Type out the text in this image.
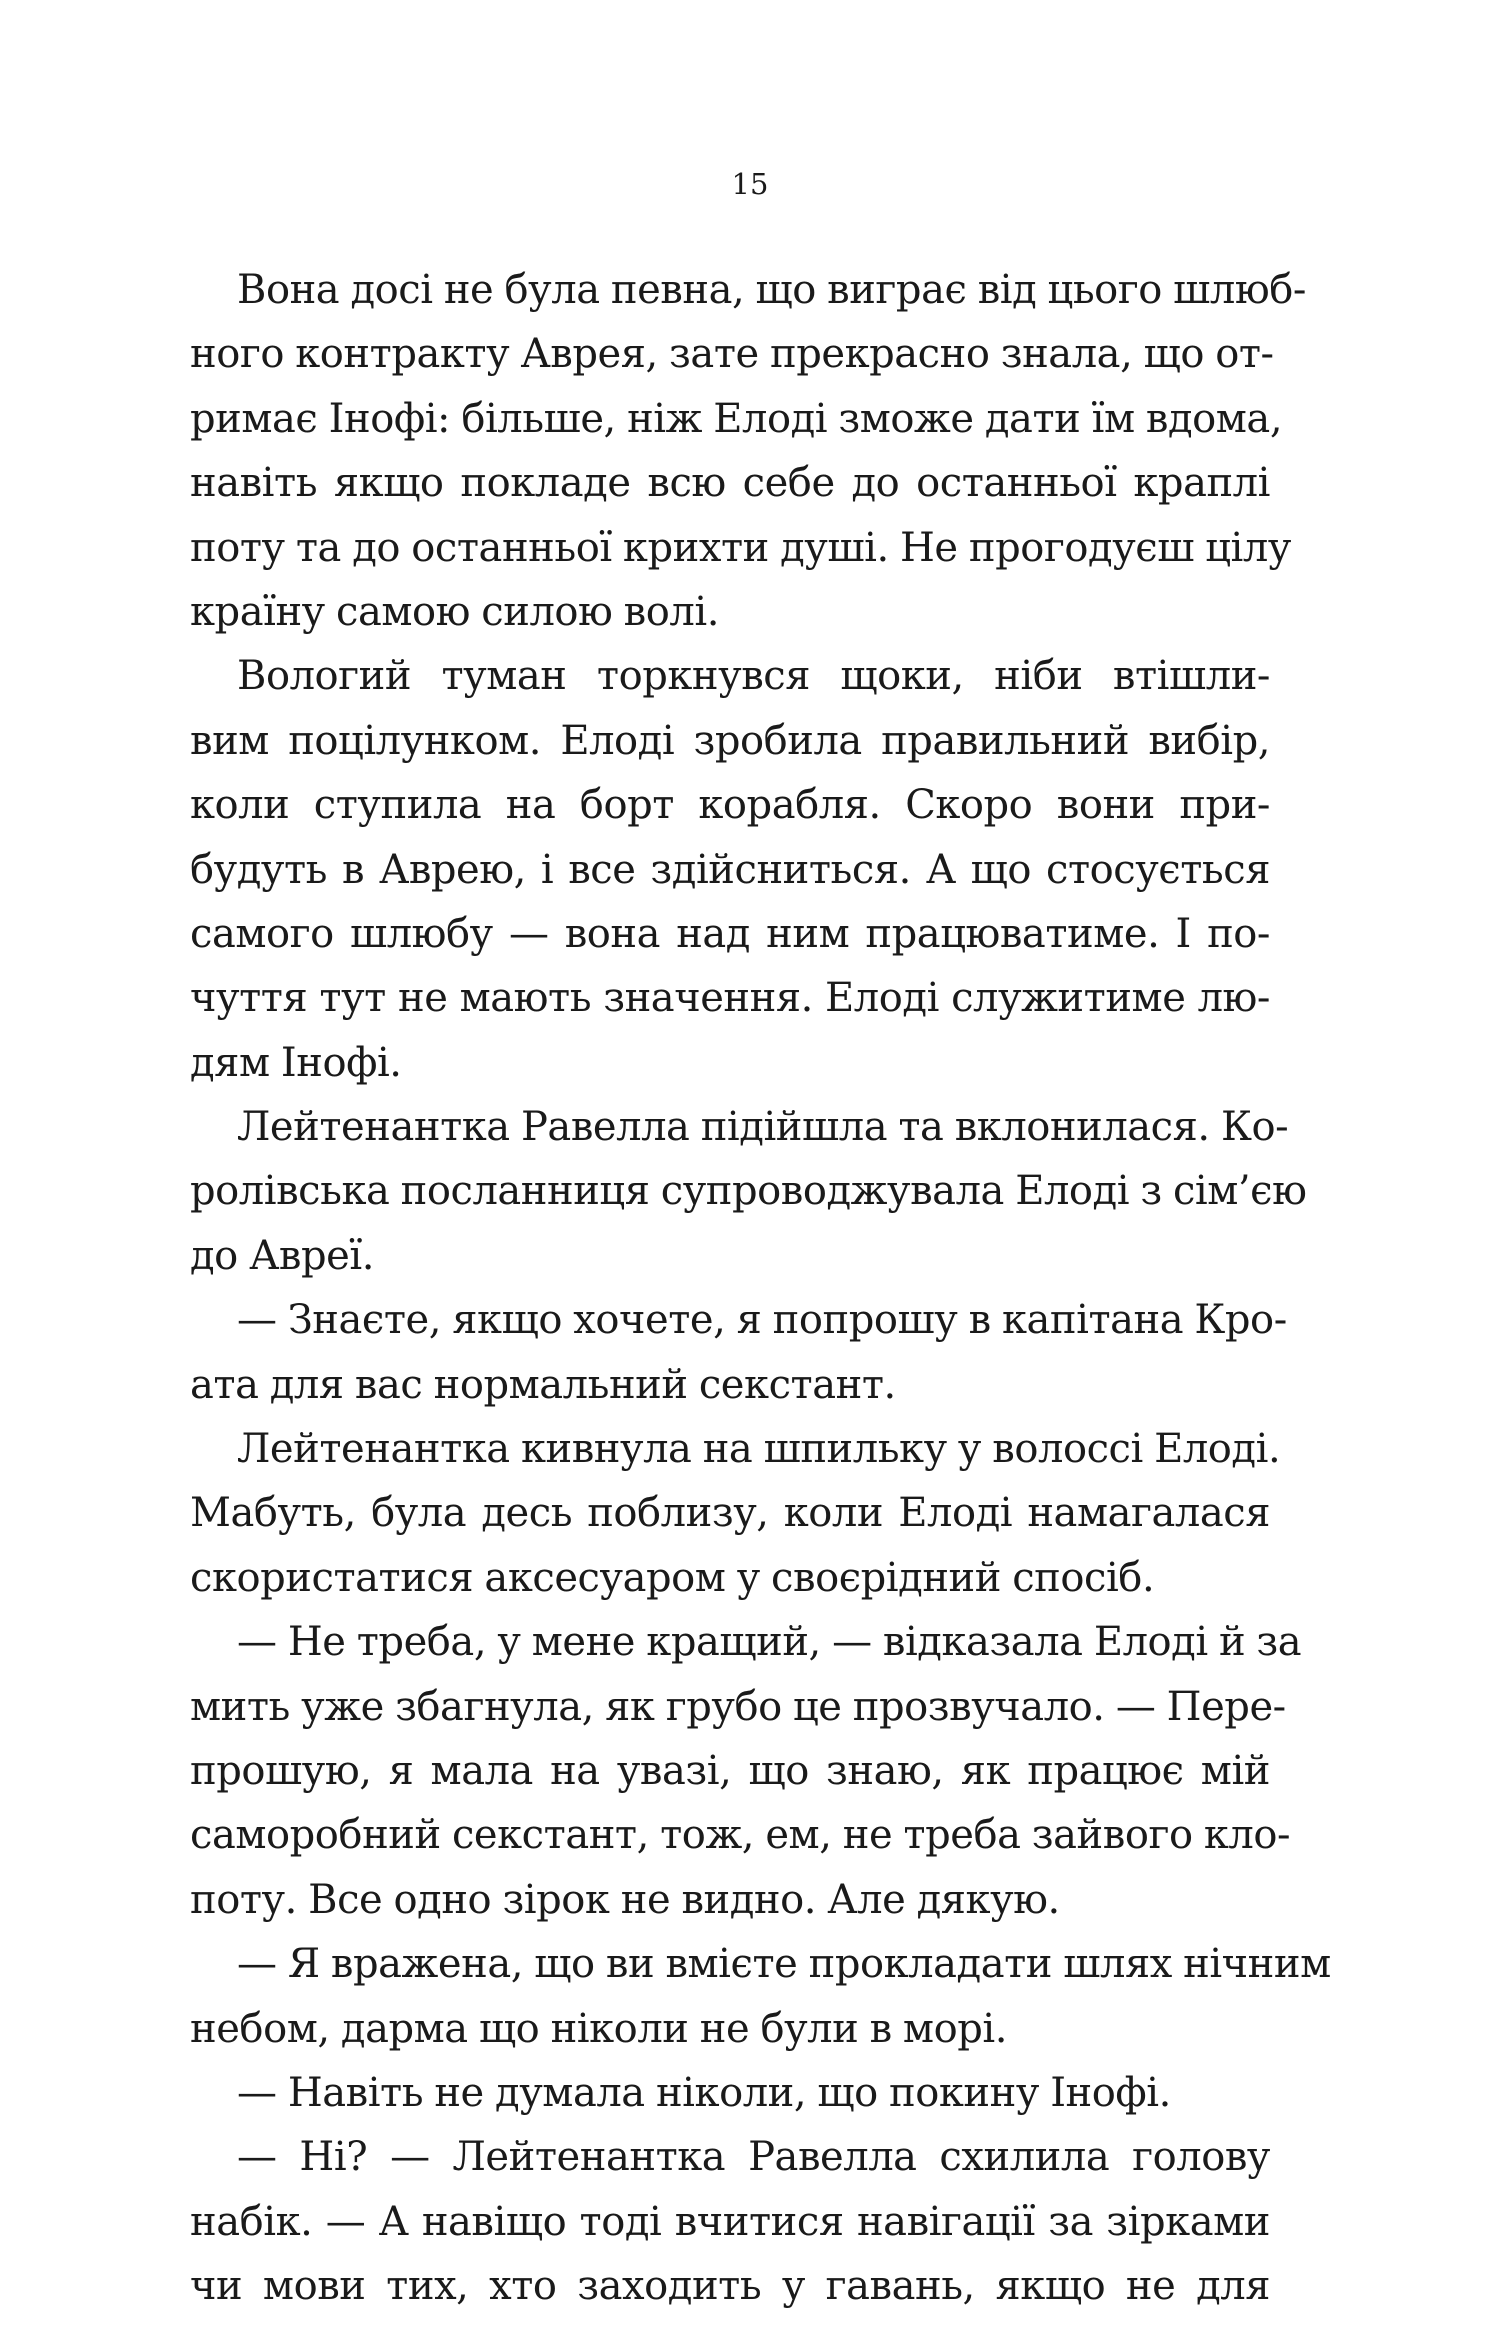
15

Вона досі не була певна, що виграє від цього шлюб-
ного контракту Аврея, зате прекрасно знала, що от-
римає Інофі: більше, ніж Елоді зможе дати їм вдома,
навіть якщо покладе всю себе до останньої краплі
поту та до останньої крихти душі. Не прогодуєш цілу
країну самою силою волі.
Вологий туман торкнувся щоки, ніби втішли-
вим поцілунком. Елоді зробила правильний вибір,
коли ступила на борт корабля. Скоро вони при-
будуть в Аврею, і все здійсниться. А що стосується
самого шлюбу — вона над ним працюватиме. І по-
чуття тут не мають значення. Елоді служитиме лю-
дям Інофі.
Лейтенантка Равелла підійшла та вклонилася. Ко-
ролівська посланниця супроводжувала Елоді з сім’єю
до Авреї.
— Знаєте, якщо хочете, я попрошу в капітана Кро-
ата для вас нормальний секстант.
Лейтенантка кивнула на шпильку у волоссі Елоді.
Мабуть, була десь поблизу, коли Елоді намагалася
скористатися аксесуаром у своєрідний спосіб.
— Не треба, у мене кращий, — відказала Елоді й за
мить уже збагнула, як грубо це прозвучало. — Пере-
прошую, я мала на увазі, що знаю, як працює мій
саморобний секстант, тож, ем, не треба зайвого кло-
поту. Все одно зірок не видно. Але дякую.
— Я вражена, що ви вмієте прокладати шлях нічним
небом, дарма що ніколи не були в морі.
— Навіть не думала ніколи, що покину Інофі.
— Ні? — Лейтенантка Равелла схилила голову
набік. — А навіщо тоді вчитися навігації за зірками
чи мови тих, хто заходить у гавань, якщо не для
